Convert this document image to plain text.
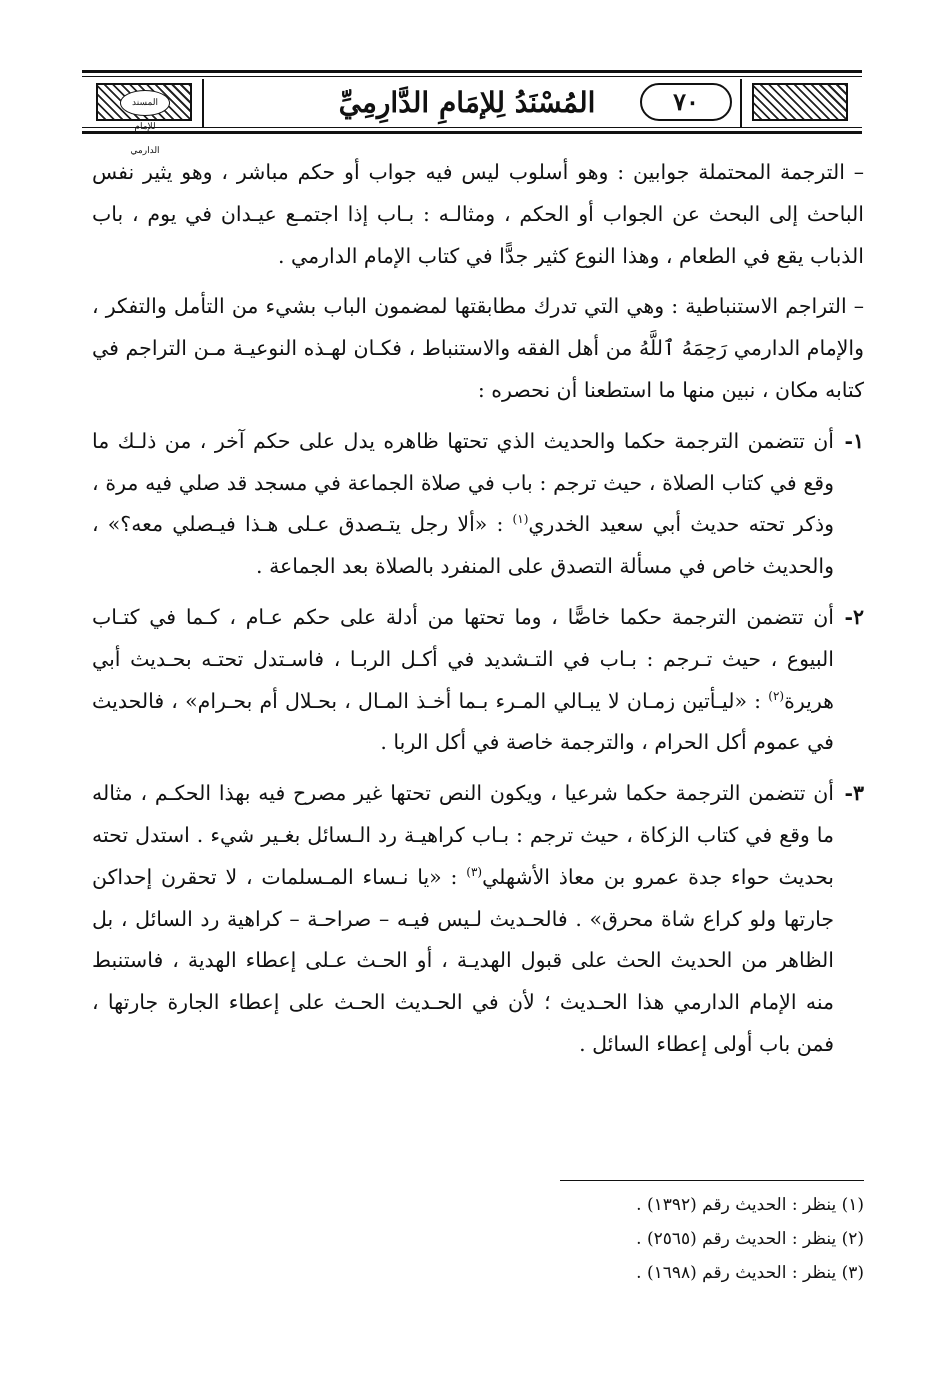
المسند للإمام الدارمي
المُسْنَدُ لِلإمَامِ الدَّارِمِيِّ	٧٠

– الترجمة المحتملة جوابين : وهو أسلوب ليس فيه جواب أو حكم مباشر ، وهو يثير نفس الباحث إلى البحث عن الجواب أو الحكم ، ومثالـه : بـاب إذا اجتمـع عيـدان في يوم ، باب الذباب يقع في الطعام ، وهذا النوع كثير جدًّا في كتاب الإمام الدارمي .

– التراجم الاستنباطية : وهي التي تدرك مطابقتها لمضمون الباب بشيء من التأمل والتفكر ، والإمام الدارمي رَحِمَهُ ٱللَّهُ من أهل الفقه والاستنباط ، فكـان لهـذه النوعيـة مـن التراجم في كتابه مكان ، نبين منها ما استطعنا أن نحصره :

١-
أن تتضمن الترجمة حكما والحديث الذي تحتها ظاهره يدل على حكم آخر ، من ذلـك ما وقع في كتاب الصلاة ، حيث ترجم : باب في صلاة الجماعة في مسجد قد صلي فيه مرة ، وذكر تحته حديث أبي سعيد الخدري$^{(١)}$ : «ألا رجل يتـصدق عـلى هـذا فيـصلي معه؟» ، والحديث خاص في مسألة التصدق على المنفرد بالصلاة بعد الجماعة .
٢-
أن تتضمن الترجمة حكما خاصًّا ، وما تحتها من أدلة على حكم عـام ، كـما في كتـاب البيوع ، حيث تـرجم : بـاب في التـشديد في أكـل الربـا ، فاسـتدل تحتـه بحـديث أبي هريرة$^{(٢)}$ : «ليـأتين زمـان لا يبـالي المـرء بـما أخـذ المـال ، بحـلال أم بحـرام» ، فالحديث في عموم أكل الحرام ، والترجمة خاصة في أكل الربا .
٣-
أن تتضمن الترجمة حكما شرعيا ، ويكون النص تحتها غير مصرح فيه بهذا الحكـم ، مثاله ما وقع في كتاب الزكاة ، حيث ترجم : بـاب كراهيـة رد الـسائل بغـير شيء . استدل تحته بحديث حواء جدة عمرو بن معاذ الأشهلي$^{(٣)}$ : «يا نـساء المـسلمات ، لا تحقرن إحداكن جارتها ولو كراع شاة محرق» . فالحـديث لـيس فيـه – صراحـة – كراهية رد السائل ، بل الظاهر من الحديث الحث على قبول الهديـة ، أو الحـث عـلى إعطاء الهدية ، فاستنبط منه الإمام الدارمي هذا الحـديث ؛ لأن في الحـديث الحـث على إعطاء الجارة جارتها ، فمن باب أولى إعطاء السائل .
(١) ينظر : الحديث رقم (١٣٩٢) .
(٢) ينظر : الحديث رقم (٢٥٦٥) .
(٣) ينظر : الحديث رقم (١٦٩٨) .
